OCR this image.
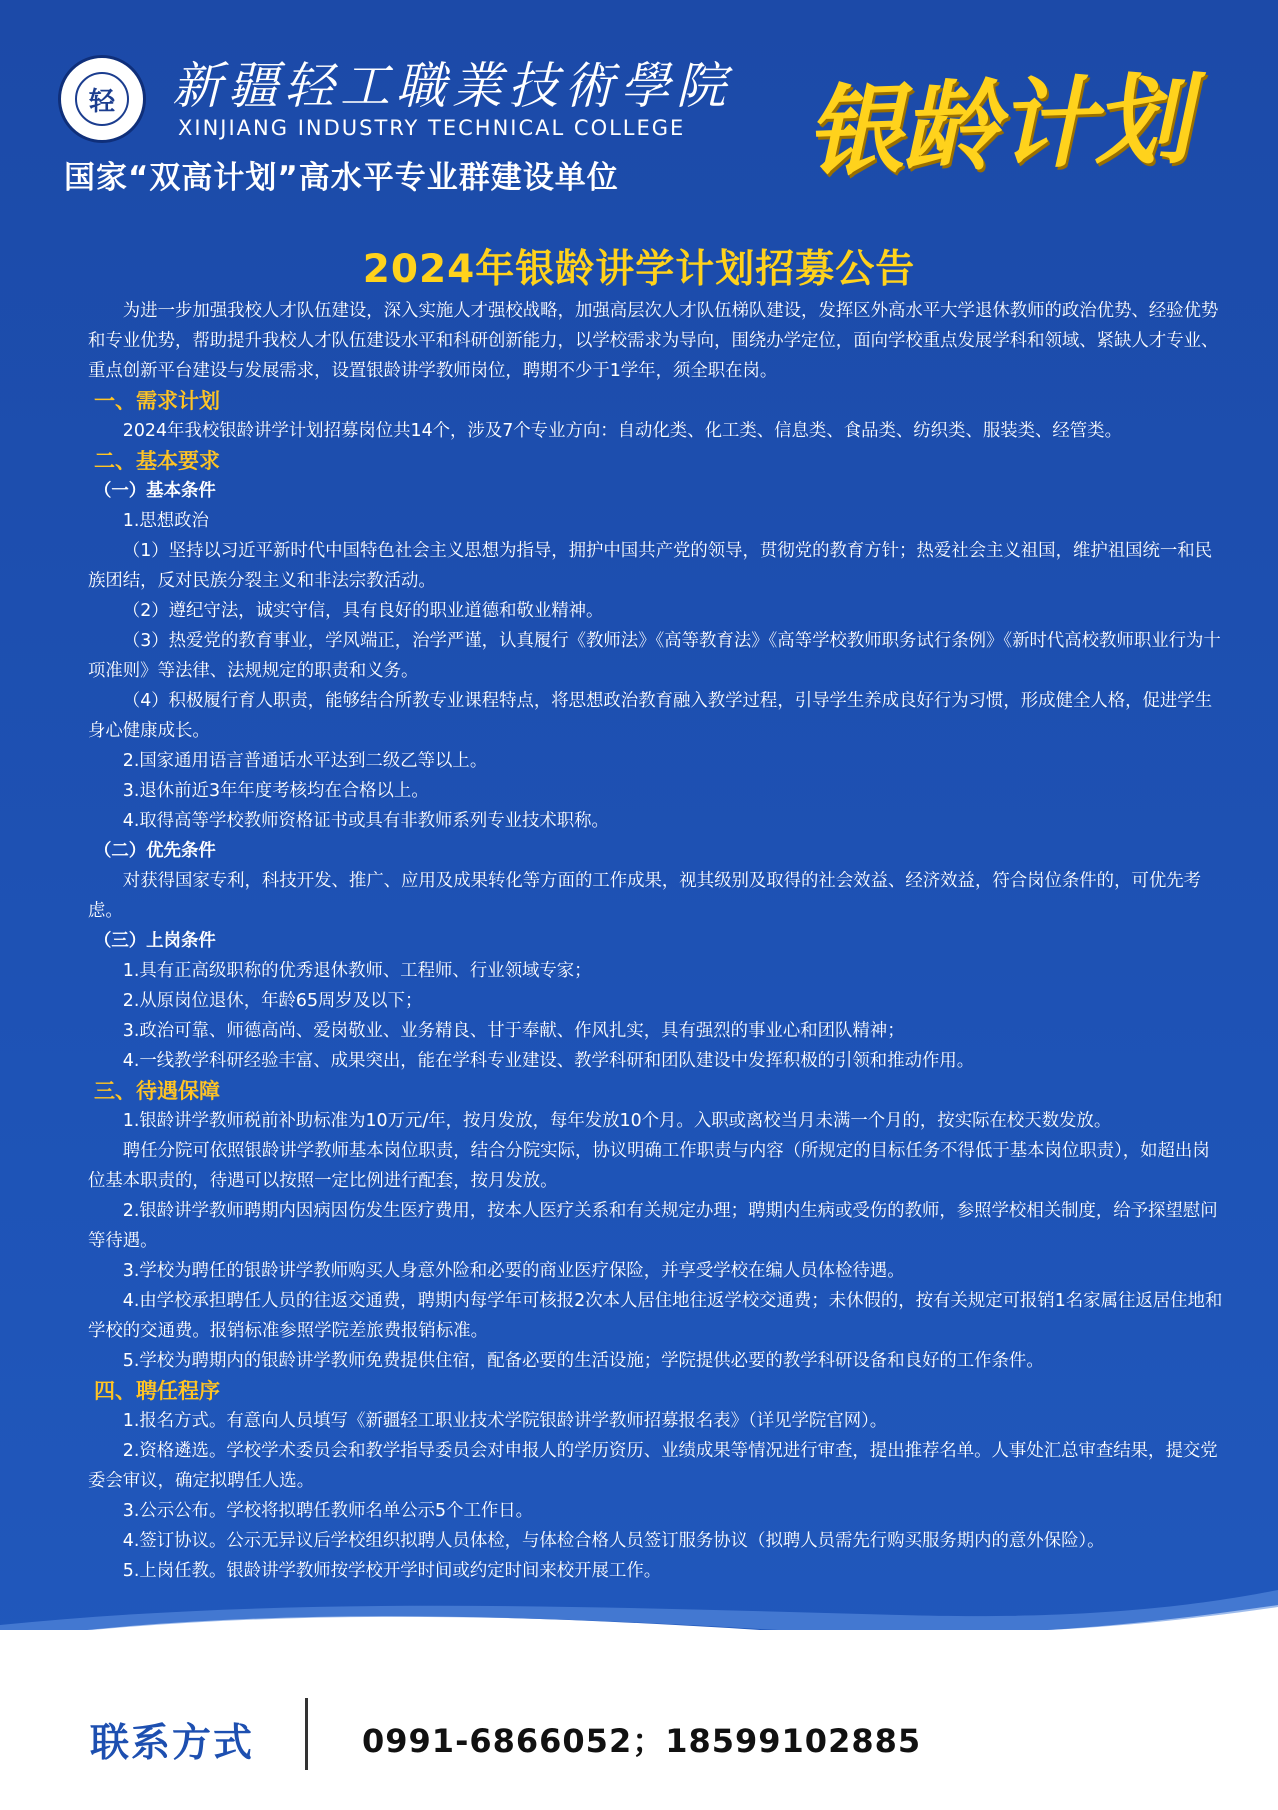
轻	新疆轻工職業技術學院
XINJIANG INDUSTRY TECHNICAL COLLEGE
国家“双高计划”高水平专业群建设单位 银龄计划
2024年银龄讲学计划招募公告

为进一步加强我校人才队伍建设，深入实施人才强校战略，加强高层次人才队伍梯队建设，发挥区外高水平大学退休教师的政治优势、经验优势和专业优势，帮助提升我校人才队伍建设水平和科研创新能力，以学校需求为导向，围绕办学定位，面向学校重点发展学科和领域、紧缺人才专业、重点创新平台建设与发展需求，设置银龄讲学教师岗位，聘期不少于1学年，须全职在岗。

一、需求计划

2024年我校银龄讲学计划招募岗位共14个，涉及7个专业方向：自动化类、化工类、信息类、食品类、纺织类、服装类、经管类。

二、基本要求

（一）基本条件

1.思想政治

（1）坚持以习近平新时代中国特色社会主义思想为指导，拥护中国共产党的领导，贯彻党的教育方针；热爱社会主义祖国，维护祖国统一和民族团结，反对民族分裂主义和非法宗教活动。

（2）遵纪守法，诚实守信，具有良好的职业道德和敬业精神。

（3）热爱党的教育事业，学风端正，治学严谨，认真履行《教师法》《高等教育法》《高等学校教师职务试行条例》《新时代高校教师职业行为十项准则》等法律、法规规定的职责和义务。

（4）积极履行育人职责，能够结合所教专业课程特点，将思想政治教育融入教学过程，引导学生养成良好行为习惯，形成健全人格，促进学生身心健康成长。

2.国家通用语言普通话水平达到二级乙等以上。

3.退休前近3年年度考核均在合格以上。

4.取得高等学校教师资格证书或具有非教师系列专业技术职称。

（二）优先条件

对获得国家专利，科技开发、推广、应用及成果转化等方面的工作成果，视其级别及取得的社会效益、经济效益，符合岗位条件的，可优先考虑。

（三）上岗条件

1.具有正高级职称的优秀退休教师、工程师、行业领域专家；

2.从原岗位退休，年龄65周岁及以下；

3.政治可靠、师德高尚、爱岗敬业、业务精良、甘于奉献、作风扎实，具有强烈的事业心和团队精神；

4.一线教学科研经验丰富、成果突出，能在学科专业建设、教学科研和团队建设中发挥积极的引领和推动作用。

三、待遇保障

1.银龄讲学教师税前补助标准为10万元/年，按月发放，每年发放10个月。入职或离校当月未满一个月的，按实际在校天数发放。

聘任分院可依照银龄讲学教师基本岗位职责，结合分院实际，协议明确工作职责与内容（所规定的目标任务不得低于基本岗位职责），如超出岗位基本职责的，待遇可以按照一定比例进行配套，按月发放。

2.银龄讲学教师聘期内因病因伤发生医疗费用，按本人医疗关系和有关规定办理；聘期内生病或受伤的教师，参照学校相关制度，给予探望慰问等待遇。

3.学校为聘任的银龄讲学教师购买人身意外险和必要的商业医疗保险，并享受学校在编人员体检待遇。

4.由学校承担聘任人员的往返交通费，聘期内每学年可核报2次本人居住地往返学校交通费；未休假的，按有关规定可报销1名家属往返居住地和学校的交通费。报销标准参照学院差旅费报销标准。

5.学校为聘期内的银龄讲学教师免费提供住宿，配备必要的生活设施；学院提供必要的教学科研设备和良好的工作条件。

四、聘任程序

1.报名方式。有意向人员填写《新疆轻工职业技术学院银龄讲学教师招募报名表》（详见学院官网）。

2.资格遴选。学校学术委员会和教学指导委员会对申报人的学历资历、业绩成果等情况进行审查，提出推荐名单。人事处汇总审查结果，提交党委会审议，确定拟聘任人选。

3.公示公布。学校将拟聘任教师名单公示5个工作日。

4.签订协议。公示无异议后学校组织拟聘人员体检，与体检合格人员签订服务协议（拟聘人员需先行购买服务期内的意外保险）。

5.上岗任教。银龄讲学教师按学校开学时间或约定时间来校开展工作。

联系方式	0991-6866052；18599102885
